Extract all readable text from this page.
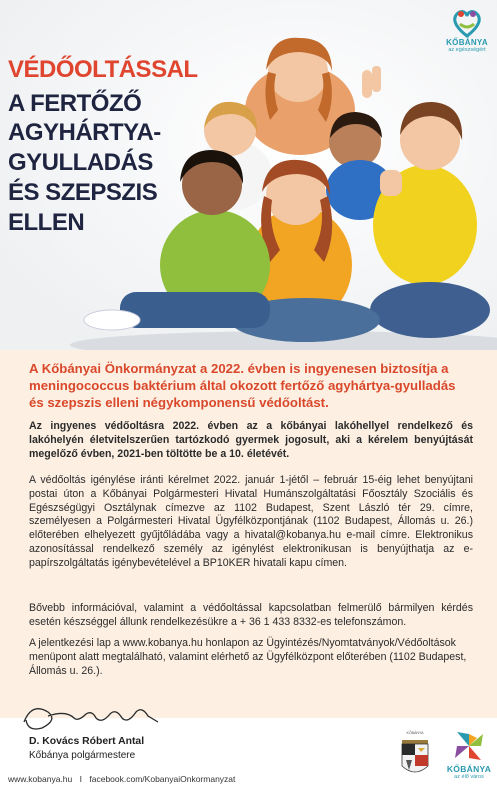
VÉDŐOLTÁSSAL
A FERTŐZŐ
AGYHÁRTYA-
GYULLADÁS
ÉS SZEPSZIS
ELLEN
KŐBÁNYA
az egészségért
A Kőbányai Önkormányzat a 2022. évben is ingyenesen biztosítja a meningococcus baktérium által okozott fertőző agyhártya-gyulladás és szepszis elleni négykomponensű védőoltást.
Az ingyenes védőoltásra 2022. évben az a kőbányai lakóhellyel rendelkező és lakóhelyén életvitelszerűen tartózkodó gyermek jogosult, aki a kérelem benyújtását megelőző évben, 2021-ben töltötte be a 10. életévét.
A védőoltás igénylése iránti kérelmet 2022. január 1-jétől – február 15-éig lehet benyújtani postai úton a Kőbányai Polgármesteri Hivatal Humánszolgáltatási Főosztály Szociális és Egészségügyi Osztálynak címezve az 1102 Budapest, Szent László tér 29. címre, személyesen a Polgármesteri Hivatal Ügyfélközpontjának (1102 Budapest, Állomás u. 26.) előterében elhelyezett gyűjtőládába vagy a hivatal@kobanya.hu e-mail címre. Elektronikus azonosítással rendelkező személy az igénylést elektronikusan is benyújthatja az e-papírszolgáltatás igénybevételével a BP10KER hivatali kapu címen.
Bővebb információval, valamint a védőoltással kapcsolatban felmerülő bármilyen kérdés esetén készséggel állunk rendelkezésükre a + 36 1 433 8332-es telefonszámon.
A jelentkezési lap a www.kobanya.hu honlapon az Ügyintézés/Nyomtatványok/Védőoltások menüpont alatt megtalálható, valamint elérhető az Ügyfélközpont előterében (1102 Budapest, Állomás u. 26.).
D. Kovács Róbert Antal
Kőbánya polgármestere
www.kobanya.hu I facebook.com/KobanyaiOnkormanyzat
KŐBÁNYA
KŐBÁNYA
az élő város
